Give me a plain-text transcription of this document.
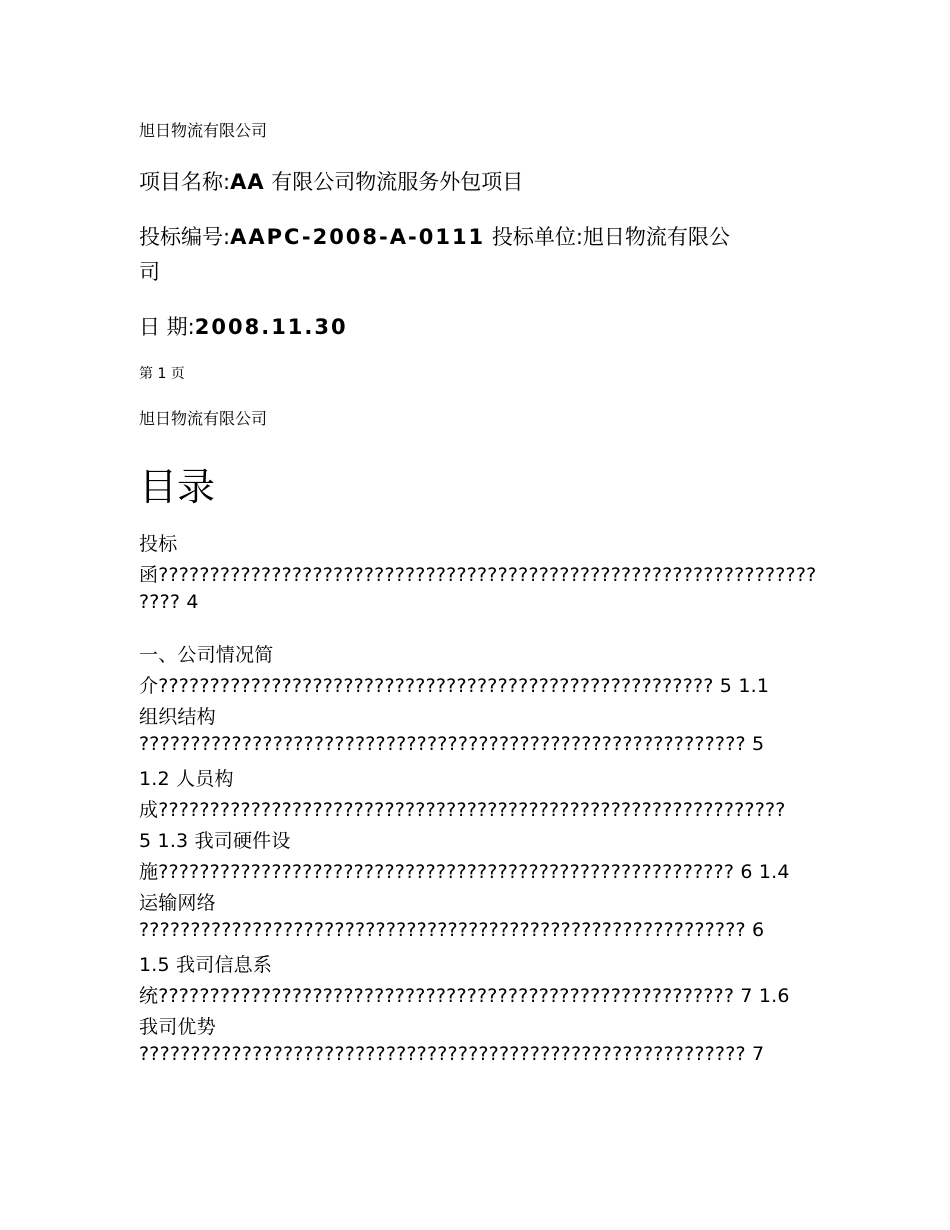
旭日物流有限公司
项目名称:AA 有限公司物流服务外包项目
投标编号:AAPC-2008-A-0111 投标单位:旭日物流有限公
司
日 期:2008.11.30
第 1 页
旭日物流有限公司
目录
投标
函????????????????????????????????????????????????????????????????
???? 4
一、公司情况简
介?????????????????????????????????????????????????????? 5 1.1
组织结构
??????????????????????????????????????????????????????????? 5
1.2 人员构
成?????????????????????????????????????????????????????????????
5 1.3 我司硬件设
施???????????????????????????????????????????????????????? 6 1.4
运输网络
??????????????????????????????????????????????????????????? 6
1.5 我司信息系
统???????????????????????????????????????????????????????? 7 1.6
我司优势
??????????????????????????????????????????????????????????? 7
